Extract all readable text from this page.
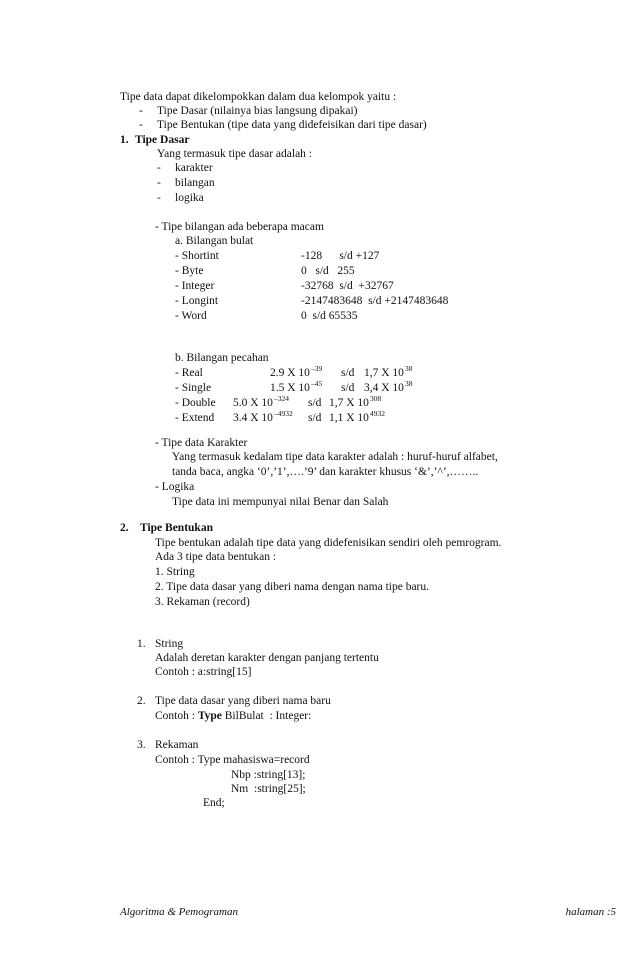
Tipe data dapat dikelompokkan dalam dua kelompok yaitu :
- Tipe Dasar (nilainya bias langsung dipakai)
- Tipe Bentukan (tipe data yang didefeisikan dari tipe dasar)
1. Tipe Dasar
Yang termasuk tipe dasar adalah :
- karakter
- bilangan
- logika
- Tipe bilangan ada beberapa macam
a. Bilangan bulat
- Shortint	-128      s/d +127
- Byte	0   s/d   255
- Integer	-32768  s/d  +32767
- Longint	-2147483648  s/d +2147483648
- Word	0  s/d 65535
b. Bilangan pecahan
- Real	2.9 X $10^{-39}$ s/d 1,7 X $10^{38}$
- Single	1.5 X $10^{-45}$ s/d 3,4 X $10^{38}$
- Double 5.0 X $10^{-324}$ s/d 1,7 X $10^{308}$
- Extend 3.4 X $10^{-4932}$ s/d 1,1 X $10^{4932}$
- Tipe data Karakter
Yang termasuk kedalam tipe data karakter adalah : huruf-huruf alfabet,
tanda baca, angka ‘0’,’1’,….’9’ dan karakter khusus ‘&’,’^’,……..
- Logika
Tipe data ini mempunyai nilai Benar dan Salah
2. Tipe Bentukan
Tipe bentukan adalah tipe data yang didefenisikan sendiri oleh pemrogram.
Ada 3 tipe data bentukan :
1. String
2. Tipe data dasar yang diberi nama dengan nama tipe baru.
3. Rekaman (record)
1. String
Adalah deretan karakter dengan panjang tertentu
Contoh : a:string[15]
2. Tipe data dasar yang diberi nama baru
Contoh : Type BilBulat  : Integer:
3. Rekaman
Contoh : Type mahasiswa=record
Nbp :string[13];
Nm  :string[25];
End;
Algoritma & Pemograman	halaman :5
